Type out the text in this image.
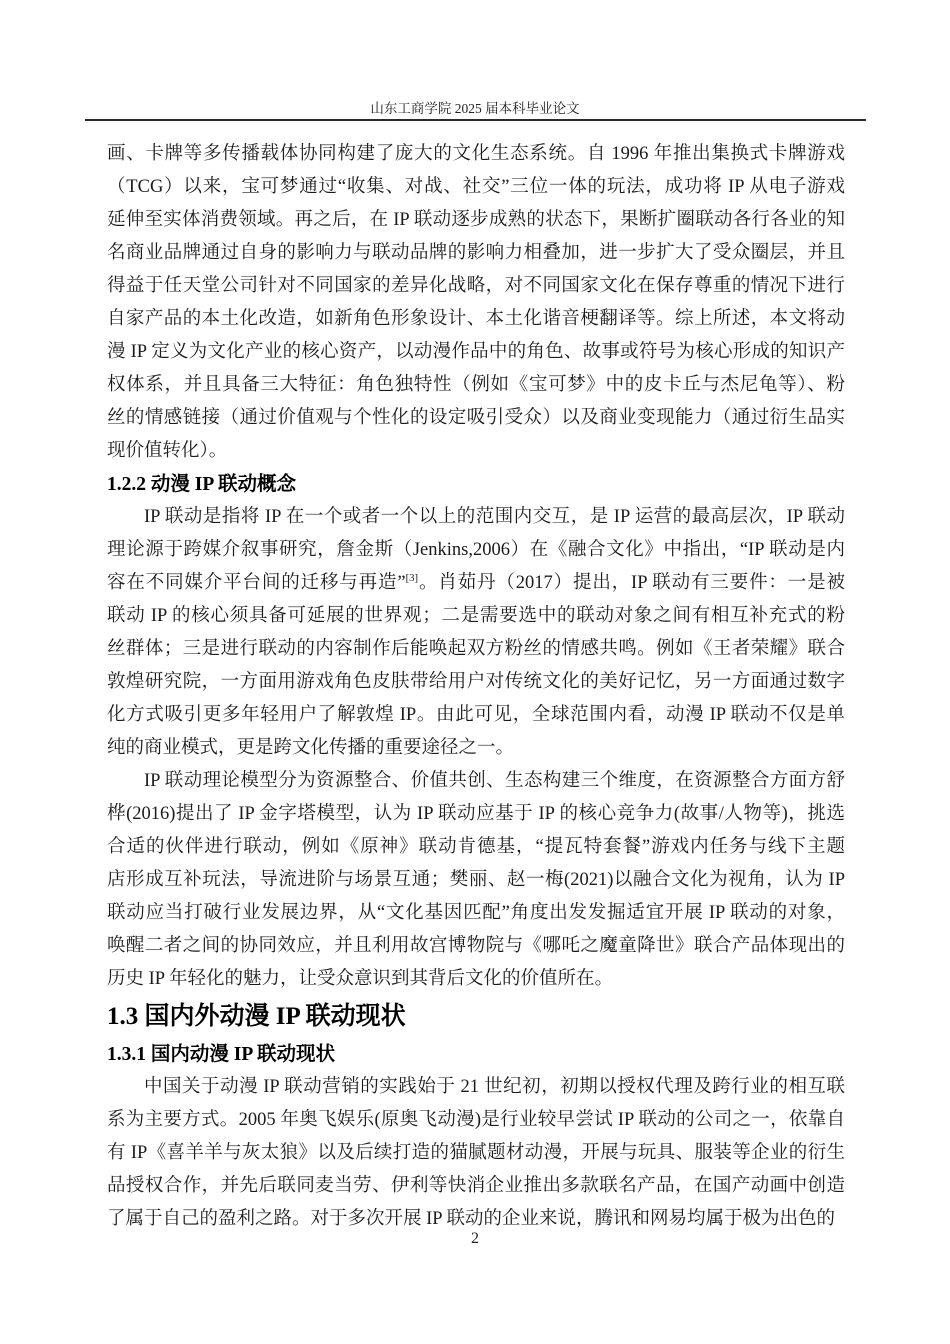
山东工商学院 2025 届本科毕业论文
画、卡牌等多传播载体协同构建了庞大的文化生态系统。自 1996 年推出集换式卡牌游戏
（TCG）以来，宝可梦通过“收集、对战、社交”三位一体的玩法，成功将 IP 从电子游戏
延伸至实体消费领域。再之后，在 IP 联动逐步成熟的状态下，果断扩圈联动各行各业的知
名商业品牌通过自身的影响力与联动品牌的影响力相叠加，进一步扩大了受众圈层，并且
得益于任天堂公司针对不同国家的差异化战略，对不同国家文化在保存尊重的情况下进行
自家产品的本土化改造，如新角色形象设计、本土化谐音梗翻译等。综上所述，本文将动
漫 IP 定义为文化产业的核心资产，以动漫作品中的角色、故事或符号为核心形成的知识产
权体系，并且具备三大特征：角色独特性（例如《宝可梦》中的皮卡丘与杰尼龟等）、粉
丝的情感链接（通过价值观与个性化的设定吸引受众）以及商业变现能力（通过衍生品实
现价值转化）。
1.2.2 动漫 IP 联动概念
IP 联动是指将 IP 在一个或者一个以上的范围内交互，是 IP 运营的最高层次，IP 联动
理论源于跨媒介叙事研究，詹金斯（Jenkins,2006）在《融合文化》中指出，“IP 联动是内
容在不同媒介平台间的迁移与再造”[3]。肖茹丹（2017）提出，IP 联动有三要件：一是被
联动 IP 的核心须具备可延展的世界观；二是需要选中的联动对象之间有相互补充式的粉
丝群体；三是进行联动的内容制作后能唤起双方粉丝的情感共鸣。例如《王者荣耀》联合
敦煌研究院，一方面用游戏角色皮肤带给用户对传统文化的美好记忆，另一方面通过数字
化方式吸引更多年轻用户了解敦煌 IP。由此可见，全球范围内看，动漫 IP 联动不仅是单
纯的商业模式，更是跨文化传播的重要途径之一。
IP 联动理论模型分为资源整合、价值共创、生态构建三个维度，在资源整合方面方舒
桦(2016)提出了 IP 金字塔模型，认为 IP 联动应基于 IP 的核心竞争力(故事/人物等)，挑选
合适的伙伴进行联动，例如《原神》联动肯德基，“提瓦特套餐”游戏内任务与线下主题
店形成互补玩法，导流进阶与场景互通；樊丽、赵一梅(2021)以融合文化为视角，认为 IP
联动应当打破行业发展边界，从“文化基因匹配”角度出发发掘适宜开展 IP 联动的对象，
唤醒二者之间的协同效应，并且利用故宫博物院与《哪吒之魔童降世》联合产品体现出的
历史 IP 年轻化的魅力，让受众意识到其背后文化的价值所在。
1.3 国内外动漫 IP 联动现状
1.3.1 国内动漫 IP 联动现状
中国关于动漫 IP 联动营销的实践始于 21 世纪初，初期以授权代理及跨行业的相互联
系为主要方式。2005 年奥飞娱乐(原奥飞动漫)是行业较早尝试 IP 联动的公司之一，依靠自
有 IP《喜羊羊与灰太狼》以及后续打造的猫腻题材动漫，开展与玩具、服装等企业的衍生
品授权合作，并先后联同麦当劳、伊利等快消企业推出多款联名产品，在国产动画中创造
了属于自己的盈利之路。对于多次开展 IP 联动的企业来说，腾讯和网易均属于极为出色的
2
